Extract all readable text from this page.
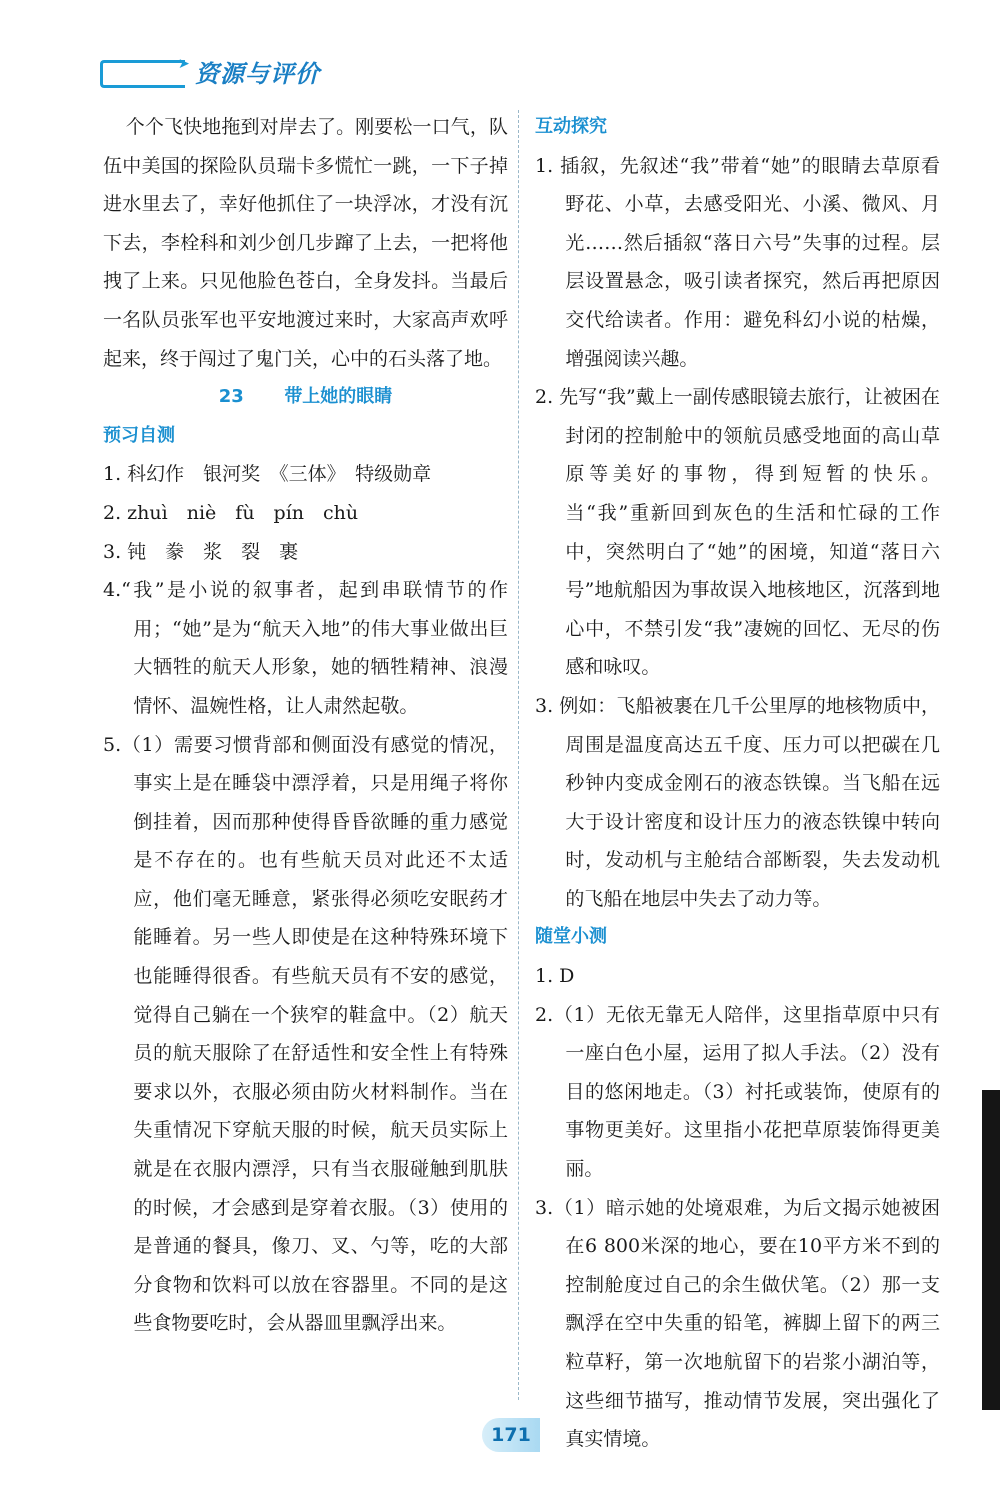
➤ 资源与评价

个个飞快地拖到对岸去了。刚要松一口气，队伍中美国的探险队员瑞卡多慌忙一跳，一下子掉进水里去了，幸好他抓住了一块浮冰，才没有沉下去，李栓科和刘少创几步蹿了上去，一把将他拽了上来。只见他脸色苍白，全身发抖。当最后一名队员张军也平安地渡过来时，大家高声欢呼起来，终于闯过了鬼门关，心中的石头落了地。

23 带上她的眼睛

预习自测

1. 科幻作　银河奖　《三体》　特级勋章

2. zhuì　niè　fù　pín　chù

3. 钝　豢　浆　裂　裹

4.“我”是小说的叙事者，起到串联情节的作用；“她”是为“航天入地”的伟大事业做出巨大牺牲的航天人形象，她的牺牲精神、浪漫情怀、温婉性格，让人肃然起敬。

5.（1）需要习惯背部和侧面没有感觉的情况，事实上是在睡袋中漂浮着，只是用绳子将你倒挂着，因而那种使得昏昏欲睡的重力感觉是不存在的。也有些航天员对此还不太适应，他们毫无睡意，紧张得必须吃安眠药才能睡着。另一些人即使是在这种特殊环境下也能睡得很香。有些航天员有不安的感觉，觉得自己躺在一个狭窄的鞋盒中。（2）航天员的航天服除了在舒适性和安全性上有特殊要求以外，衣服必须由防火材料制作。当在失重情况下穿航天服的时候，航天员实际上就是在衣服内漂浮，只有当衣服碰触到肌肤的时候，才会感到是穿着衣服。（3）使用的是普通的餐具，像刀、叉、勺等，吃的大部分食物和饮料可以放在容器里。不同的是这些食物要吃时，会从器皿里飘浮出来。

互动探究

1. 插叙，先叙述“我”带着“她”的眼睛去草原看野花、小草，去感受阳光、小溪、微风、月光……然后插叙“落日六号”失事的过程。层层设置悬念，吸引读者探究，然后再把原因交代给读者。作用：避免科幻小说的枯燥，增强阅读兴趣。

2. 先写“我”戴上一副传感眼镜去旅行，让被困在封闭的控制舱中的领航员感受地面的高山草原等美好的事物，得到短暂的快乐。当“我”重新回到灰色的生活和忙碌的工作中，突然明白了“她”的困境，知道“落日六号”地航船因为事故误入地核地区，沉落到地心中，不禁引发“我”凄婉的回忆、无尽的伤感和咏叹。

3. 例如：飞船被裹在几千公里厚的地核物质中，周围是温度高达五千度、压力可以把碳在几秒钟内变成金刚石的液态铁镍。当飞船在远大于设计密度和设计压力的液态铁镍中转向时，发动机与主舱结合部断裂，失去发动机的飞船在地层中失去了动力等。

随堂小测

1. D

2.（1）无依无靠无人陪伴，这里指草原中只有一座白色小屋，运用了拟人手法。（2）没有目的悠闲地走。（3）衬托或装饰，使原有的事物更美好。这里指小花把草原装饰得更美丽。

3.（1）暗示她的处境艰难，为后文揭示她被困在6 800米深的地心，要在10平方米不到的控制舱度过自己的余生做伏笔。（2）那一支飘浮在空中失重的铅笔，裤脚上留下的两三粒草籽，第一次地航留下的岩浆小湖泊等，这些细节描写，推动情节发展，突出强化了真实情境。

171
